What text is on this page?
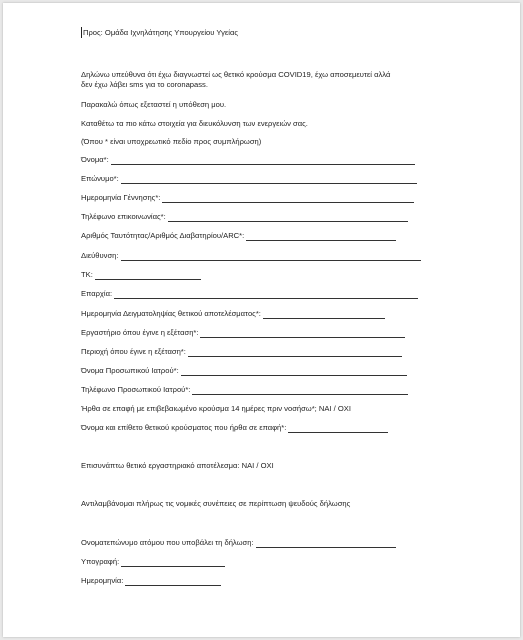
Προς: Ομάδα Ιχνηλάτησης Υπουργείου Υγείας
Δηλώνω υπεύθυνα ότι έχω διαγνωστεί ως θετικό κρούσμα COVID19, έχω αποσεμευτεί αλλά
δεν έχω λάβει sms για το coronapass.
Παρακαλώ όπως εξεταστεί η υπόθεση μου.
Καταθέτω τα πιο κάτω στοιχεία για διευκόλυνση των ενεργειών σας.
(Όπου * είναι υποχρεωτικό πεδίο προς συμπλήρωση)
Όνομα*:
Επώνυμο*:
Ημερομηνία Γέννησης*:
Τηλέφωνο επικοινωνίας*:
Αριθμός Ταυτότητας/Αριθμός Διαβατηρίου/ARC*:
Διεύθυνση:
ΤΚ:
Επαρχία:
Ημερομηνία Δειγματοληψίας θετικού αποτελέσματος*:
Εργαστήριο όπου έγινε η εξέταση*:
Περιοχή όπου έγινε η εξέταση*:
Όνομα Προσωπικού Ιατρού*:
Τηλέφωνο Προσωπικού Ιατρού*:
Ήρθα σε επαφή με επιβεβαιωμένο κρούσμα 14 ημέρες πριν νοσήσω*; ΝΑΙ / ΟΧΙ
Όνομα και επίθετο θετικού κρούσματος που ήρθα σε επαφή*:
Επισυνάπτω θετικό εργαστηριακό αποτέλεσμα: ΝΑΙ / ΟΧΙ
Αντιλαμβάνομαι πλήρως τις νομικές συνέπειες σε περίπτωση ψευδούς δήλωσης
Ονοματεπώνυμο ατόμου που υποβάλει τη δήλωση:
Υπογραφή:
Ημερομηνία:
